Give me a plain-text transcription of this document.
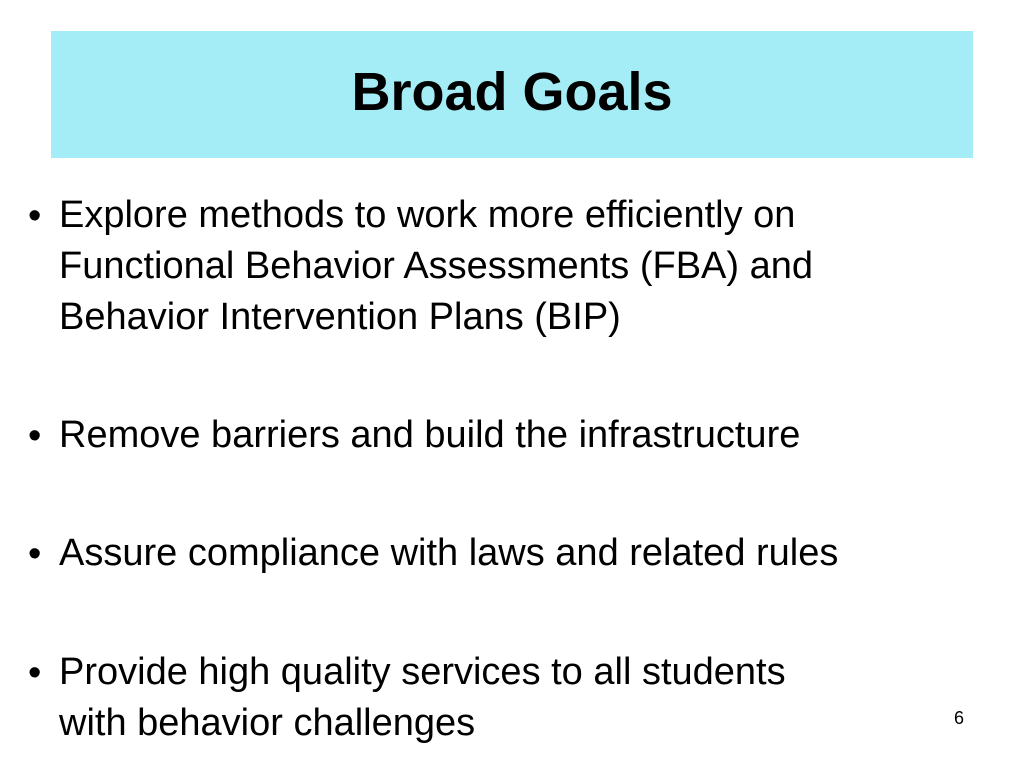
Broad Goals
• Explore methods to work more efficiently on
Functional Behavior Assessments (FBA) and
Behavior Intervention Plans (BIP)
• Remove barriers and build the infrastructure
• Assure compliance with laws and related rules
• Provide high quality services to all students
with behavior challenges	6
